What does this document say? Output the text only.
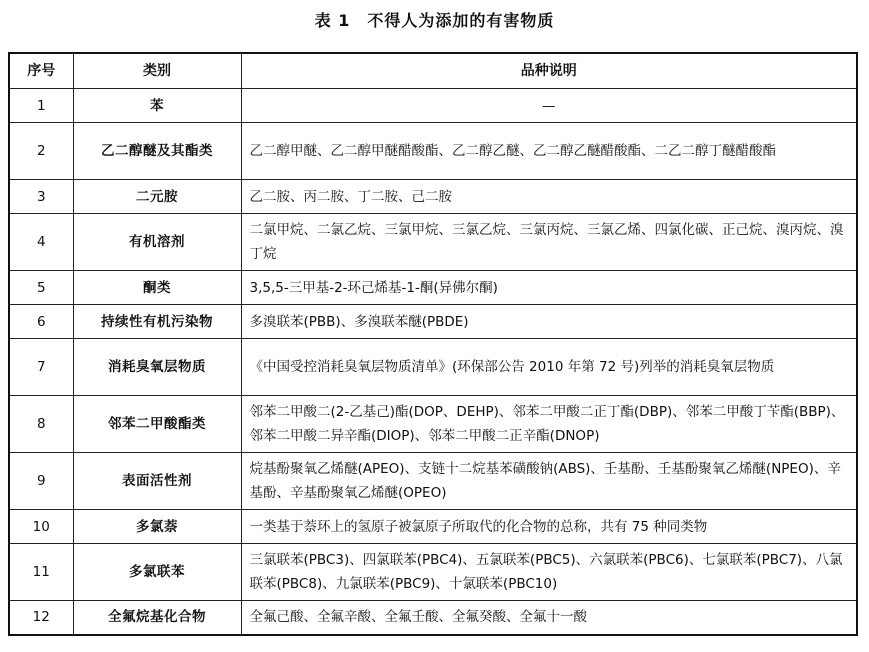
表 1　不得人为添加的有害物质
序号	类别	品种说明
1	苯	—
2	乙二醇醚及其酯类	乙二醇甲醚、乙二醇甲醚醋酸酯、乙二醇乙醚、乙二醇乙醚醋酸酯、二乙二醇丁醚醋酸酯
3	二元胺	乙二胺、丙二胺、丁二胺、己二胺
4	有机溶剂	二氯甲烷、二氯乙烷、三氯甲烷、三氯乙烷、三氯丙烷、三氯乙烯、四氯化碳、正己烷、溴丙烷、溴丁烷
5	酮类	3,5,5-三甲基-2-环己烯基-1-酮(异佛尔酮)
6	持续性有机污染物	多溴联苯(PBB)、多溴联苯醚(PBDE)
7	消耗臭氧层物质	《中国受控消耗臭氧层物质清单》(环保部公告 2010 年第 72 号)列举的消耗臭氧层物质
8	邻苯二甲酸酯类	邻苯二甲酸二(2-乙基己)酯(DOP、DEHP)、邻苯二甲酸二正丁酯(DBP)、邻苯二甲酸丁苄酯(BBP)、邻苯二甲酸二异辛酯(DIOP)、邻苯二甲酸二正辛酯(DNOP)
9	表面活性剂	烷基酚聚氧乙烯醚(APEO)、支链十二烷基苯磺酸钠(ABS)、壬基酚、壬基酚聚氧乙烯醚(NPEO)、辛基酚、辛基酚聚氧乙烯醚(OPEO)
10	多氯萘	一类基于萘环上的氢原子被氯原子所取代的化合物的总称，共有 75 种同类物
11	多氯联苯	三氯联苯(PBC3)、四氯联苯(PBC4)、五氯联苯(PBC5)、六氯联苯(PBC6)、七氯联苯(PBC7)、八氯联苯(PBC8)、九氯联苯(PBC9)、十氯联苯(PBC10)
12	全氟烷基化合物	全氟己酸、全氟辛酸、全氟壬酸、全氟癸酸、全氟十一酸
